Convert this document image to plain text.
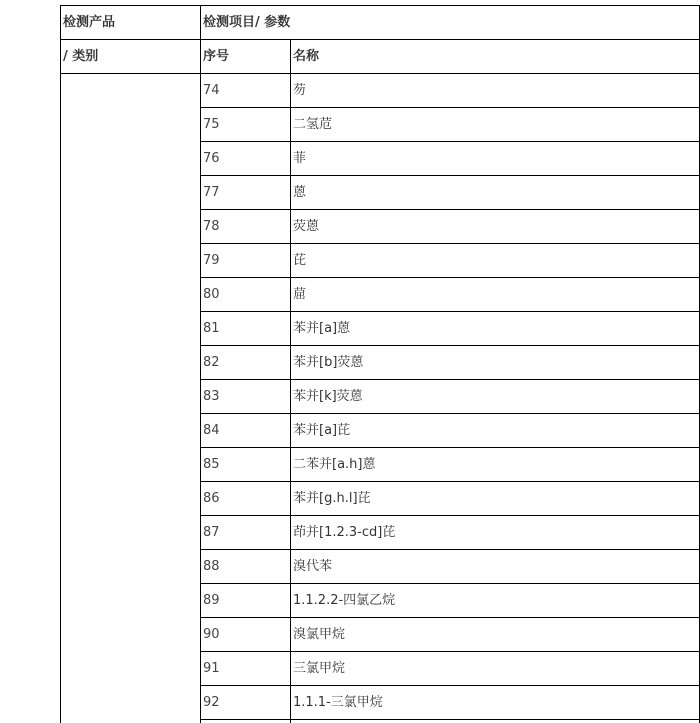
检测产品	检测项目/ 参数	
/ 类别	序号	名称
	74	芴
	75	二氢苊
	76	菲
	77	蒽
	78	荧蒽
	79	芘
	80	䓛
	81	苯并[a]蒽
	82	苯并[b]荧蒽
	83	苯并[k]荧蒽
	84	苯并[a]芘
	85	二苯并[a.h]蒽
	86	苯并[g.h.l]芘
	87	茚并[1.2.3-cd]芘
	88	溴代苯
	89	1.1.2.2-四氯乙烷
	90	溴氯甲烷
	91	三氯甲烷
	92	1.1.1-三氯甲烷
